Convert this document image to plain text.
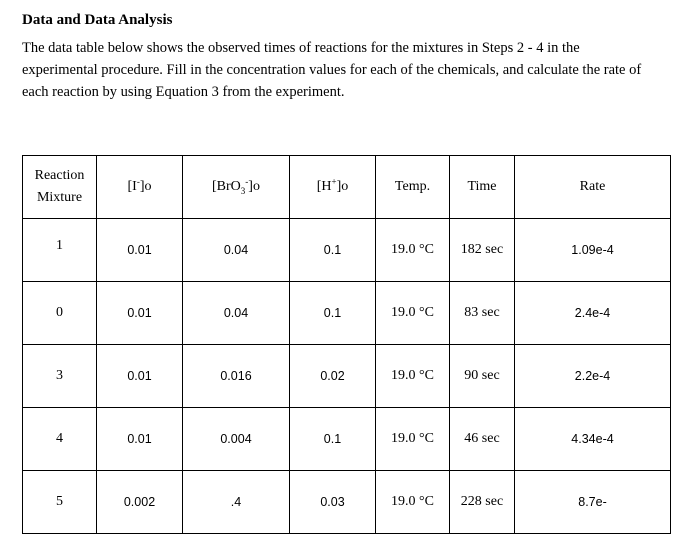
Data and Data Analysis
The data table below shows the observed times of reactions for the mixtures in Steps 2 - 4 in the experimental procedure. Fill in the concentration values for each of the chemicals, and calculate the rate of each reaction by using Equation 3 from the experiment.
Reaction
Mixture	[I-]o	[BrO$_3$-]o	[H+]o	Temp.	Time	Rate
1	0.01	0.04	0.1	19.0 °C	182 sec	1.09e-4
0	0.01	0.04	0.1	19.0 °C	83 sec	2.4e-4
3	0.01	0.016	0.02	19.0 °C	90 sec	2.2e-4
4	0.01	0.004	0.1	19.0 °C	46 sec	4.34e-4
5	0.002	.4	0.03	19.0 °C	228 sec	8.7e-
